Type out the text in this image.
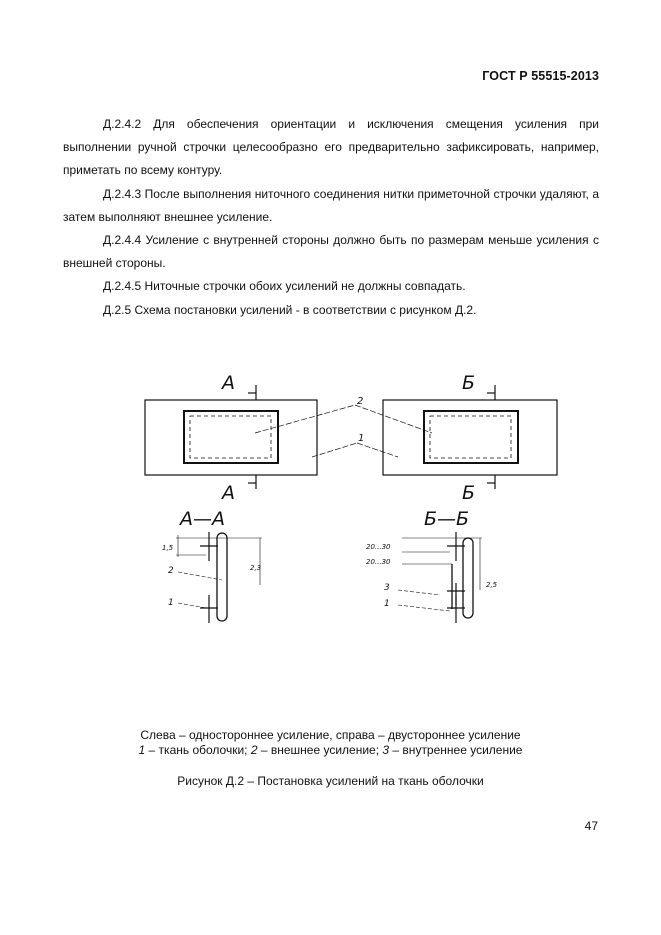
ГОСТ Р 55515-2013

Д.2.4.2 Для обеспечения ориентации и исключения смещения усиления при выполнении ручной строчки целесообразно его предварительно зафиксировать, например, приметать по всему контуру.

Д.2.4.3 После выполнения ниточного соединения нитки приметочной строчки удаляют, а затем выполняют внешнее усиление.

Д.2.4.4 Усиление с внутренней стороны должно быть по размерам меньше усиления с внешней стороны.

Д.2.4.5 Ниточные строчки обоих усилений не должны совпадать.

Д.2.5 Схема постановки усилений - в соответствии с рисунком Д.2.

А
А
Б
Б
А—А	Б—Б
2
1
1,5
2,3
2
1
20...30
20...30
2,5
3
1
Слева – одностороннее усиление, справа – двустороннее усиление
1 – ткань оболочки; 2 – внешнее усиление; 3 – внутреннее усиление
Рисунок Д.2 – Постановка усилений на ткань оболочки
47
